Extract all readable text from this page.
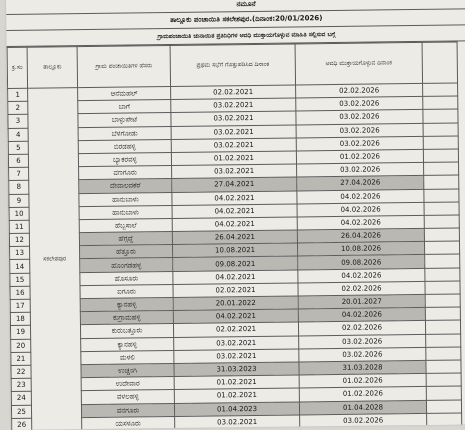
ನಮೂನೆ
ತಾಲ್ಲೂಕು ಪಂಚಾಯಿತಿ ಸಕಲೇಶಪುರ.(ದಿನಾಂಕ:20/01/2026)
ಗ್ರಾಮಪಂಚಾಯಿತಿ ಚುನಾಯಿತ ಪ್ರತಿನಿಧಿಗಳ ಅವಧಿ ಮುಕ್ತಾಯಗೊಳ್ಳುವ ಮಾಹಿತಿ ಸಲ್ಲಿಸುವ ಬಗ್ಗೆ
ಕ್ರ.ಸಂ	ತಾಲ್ಲೂಕು	ಗ್ರಾಮ ಪಂಚಾಯಿತಿಗಳ ಹೆಸರು	ಪ್ರಥಮ ಸಭೆಗೆ ಗೊತ್ತುಪಡಿಸಿದ ದಿನಾಂಕ	ಅವಧಿ ಮುಕ್ತಾಯಗೊಳ್ಳುವ ದಿನಾಂಕ	
1	ಸಕಲೇಶಪುರ	ಆನೆಮಹಲ್	02.02.2021	02.02.2026	
2		ಬಾಗೆ	03.02.2021	03.02.2026	
3		ಬಾಳ್ಳುಪೇಟೆ	03.02.2021	03.02.2026	
4		ಬೆಳಗೋಡು	03.02.2021	03.02.2026	
5		ಬಿರಡಹಳ್ಳಿ	03.02.2021	03.02.2026	
6		ಬ್ಯಾಕರವಳ್ಳಿ	01.02.2021	01.02.2026	
7		ವಣಗೂರು	03.02.2021	03.02.2026	
8		ದೇವಾಲದಕೆರೆ	27.04.2021	27.04.2026	
9		ಹಾನುಬಾಳು	04.02.2021	04.02.2026	
10		ಹಾನುಬಾಳು	04.02.2021	04.02.2026	
11		ಹೆಬ್ಬಸಾಲೆ	04.02.2021	04.02.2026	
12		ಹೆಗ್ಗದ್ದೆ	26.04.2021	26.04.2026	
13		ಹೆತ್ತೂರು	10.08.2021	10.08.2026	
14		ಹೊಂಗಡಹಳ್ಳ	09.08.2021	09.08.2026	
15		ಹೊಸೂರು	04.02.2021	04.02.2026	
16		ಐಗೂರು	02.02.2021	02.02.2026	
17		ಕ್ಯಾನಹಳ್ಳಿ	20.01.2022	20.01.2027	
18		ಕುಗ್ರಾಮಹಳ್ಳಿ	04.02.2021	04.02.2026	
19		ಕುರುಬತ್ತೂರು	02.02.2021	02.02.2026	
20		ಕ್ಯಾನಹಳ್ಳಿ	03.02.2021	03.02.2026	
21		ಮಳಲಿ	03.02.2021	03.02.2026	
22		ಉಚ್ಚಂಗಿ	31.03.2023	31.03.2028	
23		ಉದೇವಾರ	01.02.2021	01.02.2026	
24		ವಳಲಹಳ್ಳಿ	01.02.2021	01.02.2026	
25		ವನಗೂರು	01.04.2023	01.04.2028	
26		ಯಸಳೂರು	03.02.2021	03.02.2026	
